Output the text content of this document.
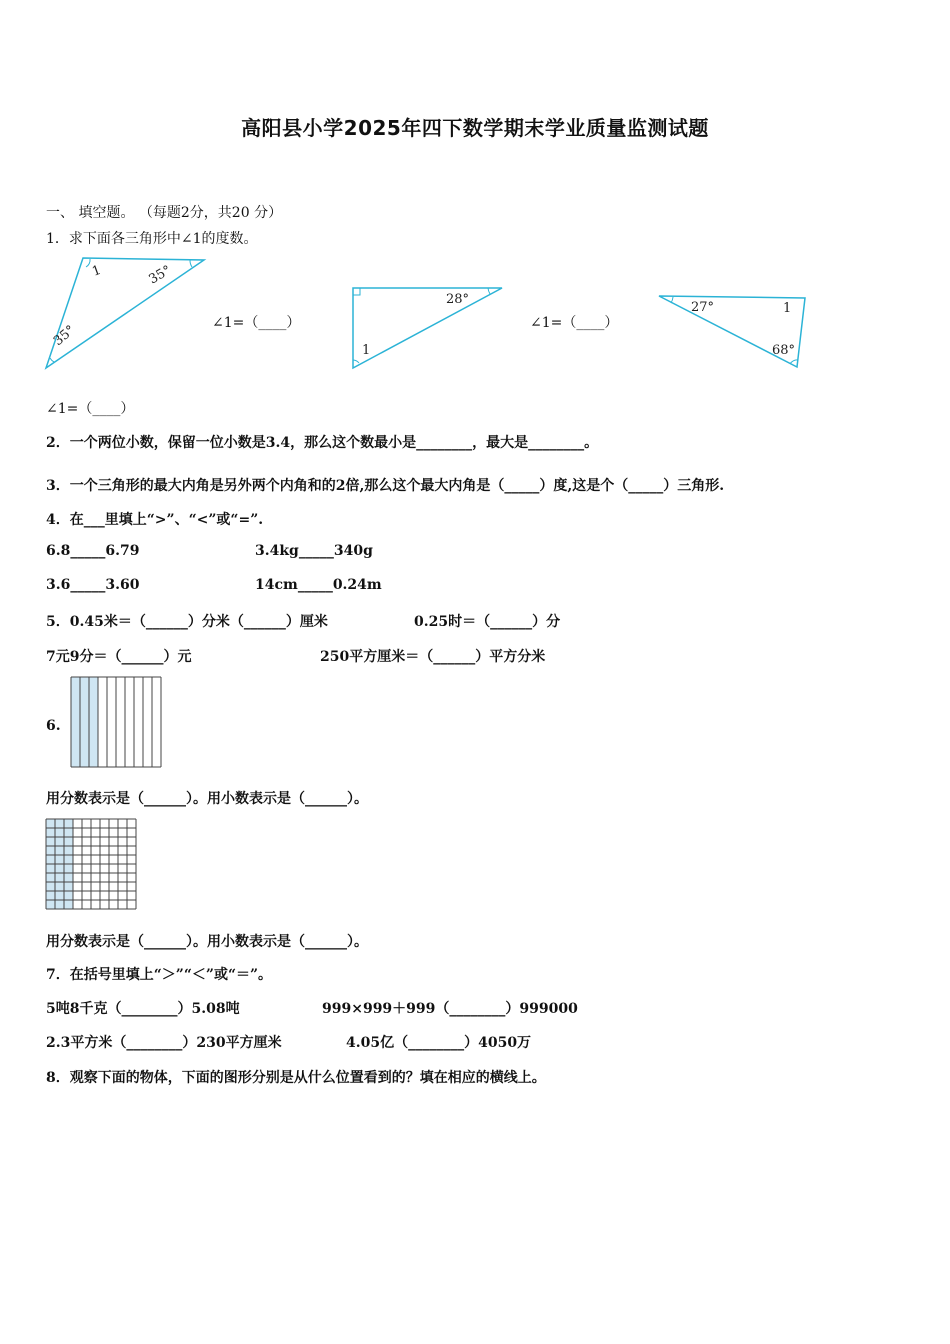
高阳县小学2025年四下数学期末学业质量监测试题
一、 填空题。 （每题2分，共20 分）
1．求下面各三角形中∠1的度数。
1	35°
35°	∠1=（____）
28°
1
∠1=（____）
27°	1
68°
∠1=（____）
2．一个两位小数，保留一位小数是3.4，那么这个数最小是________，最大是________。
3．一个三角形的最大内角是另外两个内角和的2倍,那么这个最大内角是（_____）度,这是个（_____）三角形.
4．在___里填上“>”、“<”或“=”.
6.8_____6.79	3.4kg_____340g
3.6_____3.60	14cm_____0.24m
5．0.45米＝（______）分米（______）厘米	0.25时＝（______）分
7元9分＝（______）元	250平方厘米＝（______）平方分米
6.
用分数表示是（______）。用小数表示是（______）。
用分数表示是（______）。用小数表示是（______）。
7．在括号里填上“＞”“＜”或“＝”。
5吨8千克（________）5.08吨	999×999＋999（________）999000
2.3平方米（________）230平方厘米	4.05亿（________）4050万
8．观察下面的物体，下面的图形分别是从什么位置看到的？填在相应的横线上。
